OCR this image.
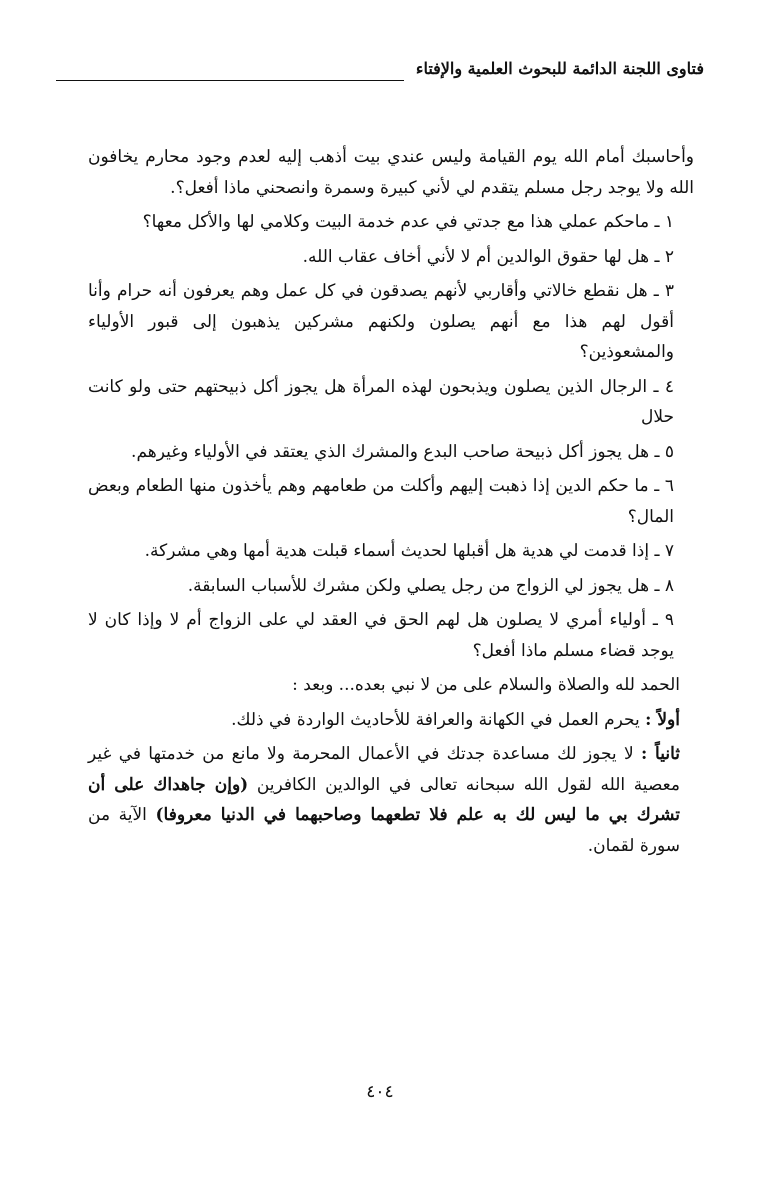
فتاوى اللجنة الدائمة للبحوث العلمية والإفتاء

وأحاسبك أمام الله يوم القيامة وليس عندي بيت أذهب إليه لعدم وجود محارم يخافون الله ولا يوجد رجل مسلم يتقدم لي لأني كبيرة وسمرة وانصحني ماذا أفعل؟.

١ ـ ماحكم عملي هذا مع جدتي في عدم خدمة البيت وكلامي لها والأكل معها؟

٢ ـ هل لها حقوق الوالدين أم لا لأني أخاف عقاب الله.

٣ ـ هل نقطع خالاتي وأقاربي لأنهم يصدقون في كل عمل وهم يعرفون أنه حرام وأنا أقول لهم هذا مع أنهم يصلون ولكنهم مشركين يذهبون إلى قبور الأولياء والمشعوذين؟

٤ ـ الرجال الذين يصلون ويذبحون لهذه المرأة هل يجوز أكل ذبيحتهم حتى ولو كانت حلال

٥ ـ هل يجوز أكل ذبيحة صاحب البدع والمشرك الذي يعتقد في الأولياء وغيرهم.

٦ ـ ما حكم الدين إذا ذهبت إليهم وأكلت من طعامهم وهم يأخذون منها الطعام وبعض المال؟

٧ ـ إذا قدمت لي هدية هل أقبلها لحديث أسماء قبلت هدية أمها وهي مشركة.

٨ ـ هل يجوز لي الزواج من رجل يصلي ولكن مشرك للأسباب السابقة.

٩ ـ أولياء أمري لا يصلون هل لهم الحق في العقد لي على الزواج أم لا وإذا كان لا يوجد قضاء مسلم ماذا أفعل؟

الحمد لله والصلاة والسلام على من لا نبي بعده... وبعد :

أولاً : يحرم العمل في الكهانة والعرافة للأحاديث الواردة في ذلك.

ثانياً : لا يجوز لك مساعدة جدتك في الأعمال المحرمة ولا مانع من خدمتها في غير معصية الله لقول الله سبحانه تعالى في الوالدين الكافرين (وإن جاهداك على أن تشرك بي ما ليس لك به علم فلا تطعهما وصاحبهما في الدنيا معروفا) الآية من سورة لقمان.

٤٠٤
